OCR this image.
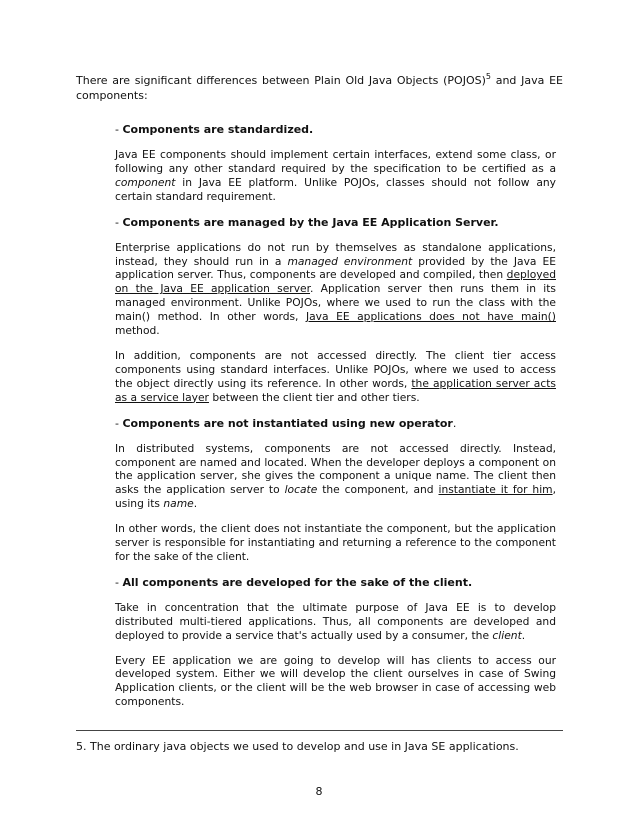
There are significant differences between Plain Old Java Objects (POJOS)$^5$ and Java EE components:

- Components are standardized.

Java EE components should implement certain interfaces, extend some class, or following any other standard required by the specification to be certified as a component in Java EE platform. Unlike POJOs, classes should not follow any certain standard requirement.

- Components are managed by the Java EE Application Server.

Enterprise applications do not run by themselves as standalone applications, instead, they should run in a managed environment provided by the Java EE application server. Thus, components are developed and compiled, then deployed on the Java EE application server. Application server then runs them in its managed environment. Unlike POJOs, where we used to run the class with the main() method. In other words, Java EE applications does not have main() method.

In addition, components are not accessed directly. The client tier access components using standard interfaces. Unlike POJOs, where we used to access the object directly using its reference. In other words, the application server acts as a service layer between the client tier and other tiers.

- Components are not instantiated using new operator.

In distributed systems, components are not accessed directly. Instead, component are named and located. When the developer deploys a component on the application server, she gives the component a unique name. The client then asks the application server to locate the component, and instantiate it for him, using its name.

In other words, the client does not instantiate the component, but the application server is responsible for instantiating and returning a reference to the component for the sake of the client.

- All components are developed for the sake of the client.

Take in concentration that the ultimate purpose of Java EE is to develop distributed multi-tiered applications. Thus, all components are developed and deployed to provide a service that's actually used by a consumer, the client.

Every EE application we are going to develop will has clients to access our developed system. Either we will develop the client ourselves in case of Swing Application clients, or the client will be the web browser in case of accessing web components.

5. The ordinary java objects we used to develop and use in Java SE applications.

8
